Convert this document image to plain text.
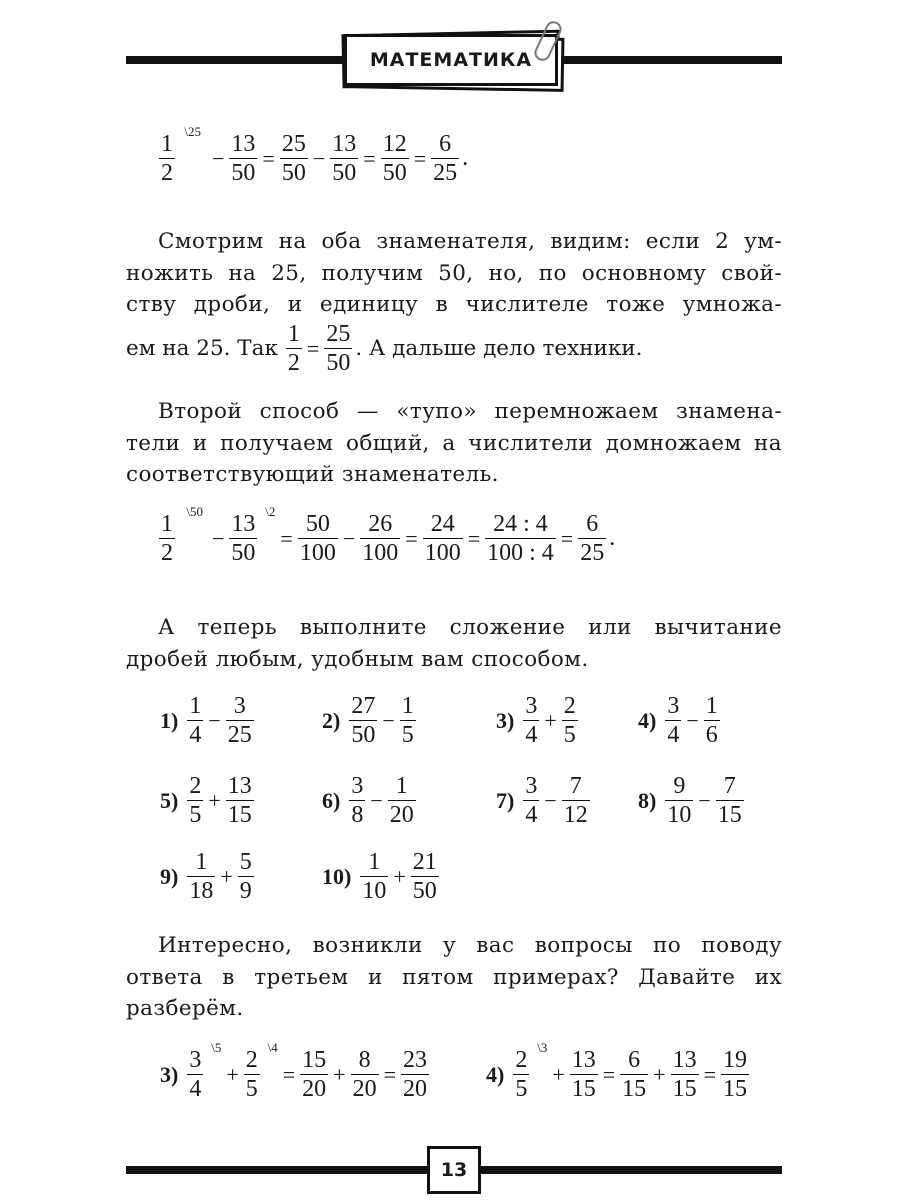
МАТЕМАТИКА
1
2
\25
− $\frac{13}{50} = \frac{25}{50} - \frac{13}{50} = \frac{12}{50} = \frac{6}{25}$ .
Смотрим на оба знаменателя, видим: если 2 ум-
ножить на 25, получим 50, но, по основному свой-
ству дроби, и единицу в числителе тоже умножа-
ем на 25. Так $\frac{1}{2} = \frac{25}{50}$ . А дальше дело техники.
Второй способ — «тупо» перемножаем знамена-
тели и получаем общий, а числители домножаем на
соответствующий знаменатель.
1
2
\50
−
13
50
\2
= $\frac{50}{100} - \frac{26}{100} = \frac{24}{100} = \frac{24 : 4}{100 : 4} = \frac{6}{25}$ .
А теперь выполните сложение или вычитание
дробей любым, удобным вам способом.
$1) \frac{1}{4} - \frac{3}{25}$	$2) \frac{27}{50} - \frac{1}{5}$	$3) \frac{3}{4} + \frac{2}{5}$	$4) \frac{3}{4} - \frac{1}{6}$
$5) \frac{2}{5} + \frac{13}{15}$	$6) \frac{3}{8} - \frac{1}{20}$	$7) \frac{3}{4} - \frac{7}{12} 8) \frac{9}{10} - \frac{7}{15}$
$9) \frac{1}{18} + \frac{5}{9}$	$10) \frac{1}{10} + \frac{21}{50}$
Интересно, возникли у вас вопросы по поводу
ответа в третьем и пятом примерах? Давайте их
разберём.
3)
3
4
\5
+
2
5
\4
= $\frac{15}{20} + \frac{8}{20} = \frac{23}{20}$	4)
2
5
\3
+ $\frac{13}{15} = \frac{6}{15} + \frac{13}{15} = \frac{19}{15}$
13
